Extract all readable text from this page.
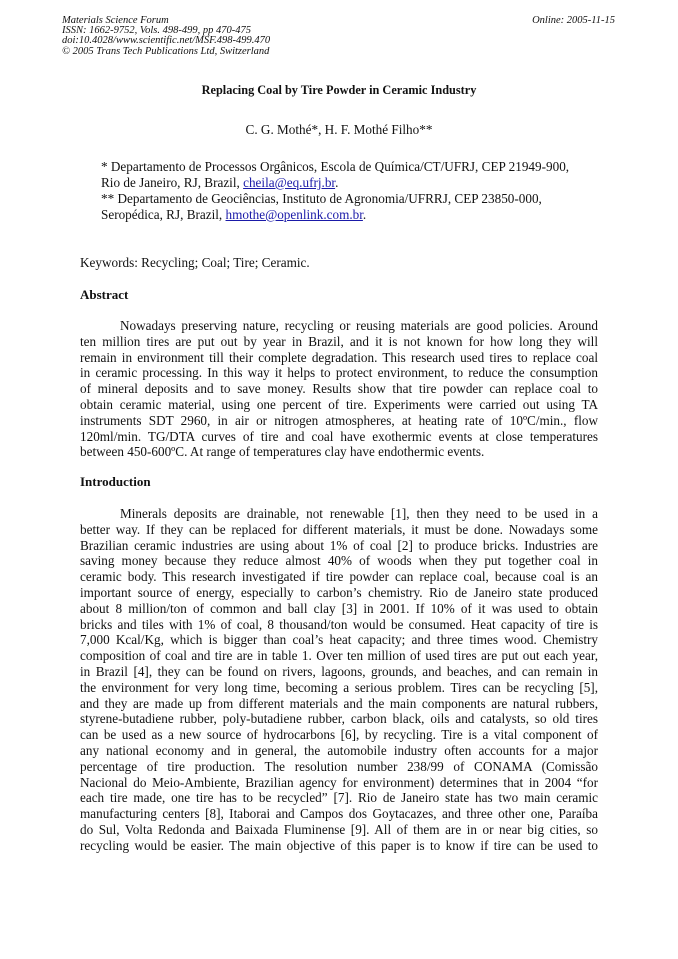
Materials Science Forum
ISSN: 1662-9752, Vols. 498-499, pp 470-475
doi:10.4028/www.scientific.net/MSF.498-499.470
© 2005 Trans Tech Publications Ltd, Switzerland
Online: 2005-11-15
Replacing Coal by Tire Powder in Ceramic Industry
C. G. Mothé*, H. F. Mothé Filho**
* Departamento de Processos Orgânicos, Escola de Química/CT/UFRJ, CEP 21949-900,
Rio de Janeiro, RJ, Brazil, cheila@eq.ufrj.br.
** Departamento de Geociências, Instituto de Agronomia/UFRRJ, CEP 23850-000,
Seropédica, RJ, Brazil, hmothe@openlink.com.br.
Keywords: Recycling; Coal; Tire; Ceramic.
Abstract
Nowadays preserving nature, recycling or reusing materials are good policies. Around
ten million tires are put out by year in Brazil, and it is not known for how long they will
remain in environment till their complete degradation. This research used tires to replace coal
in ceramic processing. In this way it helps to protect environment, to reduce the consumption
of mineral deposits and to save money. Results show that tire powder can replace coal to
obtain ceramic material, using one percent of tire. Experiments were carried out using TA
instruments SDT 2960, in air or nitrogen atmospheres, at heating rate of 10ºC/min., flow
120ml/min. TG/DTA curves of tire and coal have exothermic events at close temperatures
between 450-600ºC. At range of temperatures clay have endothermic events.
Introduction
Minerals deposits are drainable, not renewable [1], then they need to be used in a
better way. If they can be replaced for different materials, it must be done. Nowadays some
Brazilian ceramic industries are using about 1% of coal [2] to produce bricks. Industries are
saving money because they reduce almost 40% of woods when they put together coal in
ceramic body. This research investigated if tire powder can replace coal, because coal is an
important source of energy, especially to carbon’s chemistry. Rio de Janeiro state produced
about 8 million/ton of common and ball clay [3] in 2001. If 10% of it was used to obtain
bricks and tiles with 1% of coal, 8 thousand/ton would be consumed. Heat capacity of tire is
7,000 Kcal/Kg, which is bigger than coal’s heat capacity; and three times wood. Chemistry
composition of coal and tire are in table 1. Over ten million of used tires are put out each year,
in Brazil [4], they can be found on rivers, lagoons, grounds, and beaches, and can remain in
the environment for very long time, becoming a serious problem. Tires can be recycling [5],
and they are made up from different materials and the main components are natural rubbers,
styrene-butadiene rubber, poly-butadiene rubber, carbon black, oils and catalysts, so old tires
can be used as a new source of hydrocarbons [6], by recycling. Tire is a vital component of
any national economy and in general, the automobile industry often accounts for a major
percentage of tire production. The resolution number 238/99 of CONAMA (Comissão
Nacional do Meio-Ambiente, Brazilian agency for environment) determines that in 2004 “for
each tire made, one tire has to be recycled” [7]. Rio de Janeiro state has two main ceramic
manufacturing centers [8], Itaborai and Campos dos Goytacazes, and three other one, Paraíba
do Sul, Volta Redonda and Baixada Fluminense [9]. All of them are in or near big cities, so
recycling would be easier. The main objective of this paper is to know if tire can be used to
